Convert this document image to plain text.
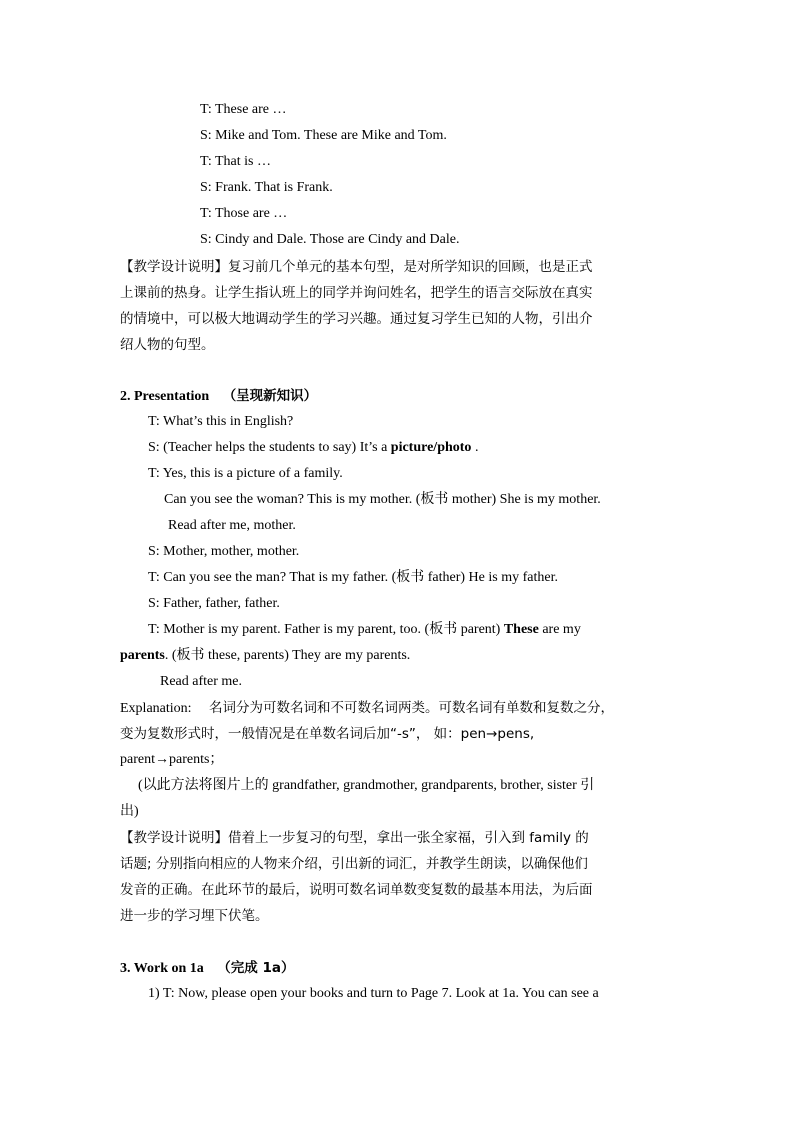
T: These are …
S: Mike and Tom. These are Mike and Tom.
T: That is …
S: Frank. That is Frank.
T: Those are …
S: Cindy and Dale. Those are Cindy and Dale.
【教学设计说明】复习前几个单元的基本句型，是对所学知识的回顾，也是正式
上课前的热身。让学生指认班上的同学并询问姓名，把学生的语言交际放在真实
的情境中，可以极大地调动学生的学习兴趣。通过复习学生已知的人物，引出介
绍人物的句型。
2. Presentation （呈现新知识）
T: What’s this in English?
S: (Teacher helps the students to say) It’s a picture/photo .
T: Yes, this is a picture of a family.
Can you see the woman? This is my mother. (板书 mother) She is my mother.
Read after me, mother.
S: Mother, mother, mother.
T: Can you see the man? That is my father. (板书 father) He is my father.
S: Father, father, father.
T: Mother is my parent. Father is my parent, too. (板书 parent) These are my
parents. (板书 these, parents) They are my parents.
Read after me.
Explanation: 名词分为可数名词和不可数名词两类。可数名词有单数和复数之分，
变为复数形式时，一般情况是在单数名词后加“-s”， 如：pen→pens,
parent→parents；
(以此方法将图片上的 grandfather, grandmother, grandparents, brother, sister 引
出)
【教学设计说明】借着上一步复习的句型，拿出一张全家福，引入到 family 的
话题; 分别指向相应的人物来介绍，引出新的词汇，并教学生朗读，以确保他们
发音的正确。在此环节的最后，说明可数名词单数变复数的最基本用法，为后面
进一步的学习埋下伏笔。
3. Work on 1a （完成 1a）
1) T: Now, please open your books and turn to Page 7. Look at 1a. You can see a
